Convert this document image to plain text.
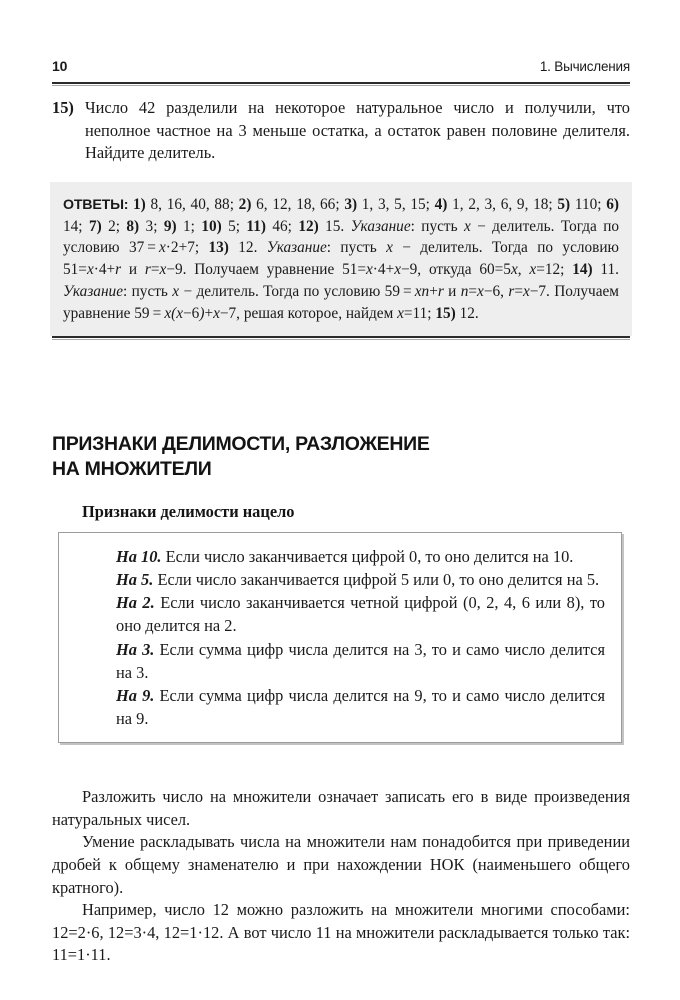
10	1. Вычисления
15) Число 42 разделили на некоторое натуральное число и получили, что неполное частное на 3 меньше остатка, а остаток равен половине делителя. Найдите делитель.

ОТВЕТЫ: 1) 8, 16, 40, 88; 2) 6, 12, 18, 66; 3) 1, 3, 5, 15; 4) 1, 2, 3, 6, 9, 18; 5) 110; 6) 14; 7) 2; 8) 3; 9) 1; 10) 5; 11) 46; 12) 15. Указание: пусть x − делитель. Тогда по условию 37  = x·2+7; 13) 12. Указание: пусть x − делитель. Тогда по условию 51=x·4+r и r=x−9. Получаем уравнение 51=x·4+x−9, откуда 60=5x, x=12; 14) 11. Указание: пусть x − делитель. Тогда по условию 59  = xn+r и n=x−6, r=x−7. Получаем уравнение 59  = x(x−6)+x−7, решая которое, найдем x=11; 15) 12.

ПРИЗНАКИ ДЕЛИМОСТИ, РАЗЛОЖЕНИЕ
НА МНОЖИТЕЛИ
Признаки делимости нацело

На 10. Если число заканчивается цифрой 0, то оно делится на 10.

На 5. Если число заканчивается цифрой 5 или 0, то оно делится на 5.

На 2. Если число заканчивается четной цифрой (0, 2, 4, 6 или 8), то оно делится на 2.

На 3. Если сумма цифр числа делится на 3, то и само число делится на 3.

На 9. Если сумма цифр числа делится на 9, то и само число делится на 9.

Разложить число на множители означает записать его в виде произведения натуральных чисел.

Умение раскладывать числа на множители нам понадобится при приведении дробей к общему знаменателю и при нахождении НОК (наименьшего общего кратного).

Например, число 12 можно разложить на множители многими способами: 12=2·6, 12=3·4, 12=1·12. А вот число 11 на множители раскладывается только так: 11=1·11.
